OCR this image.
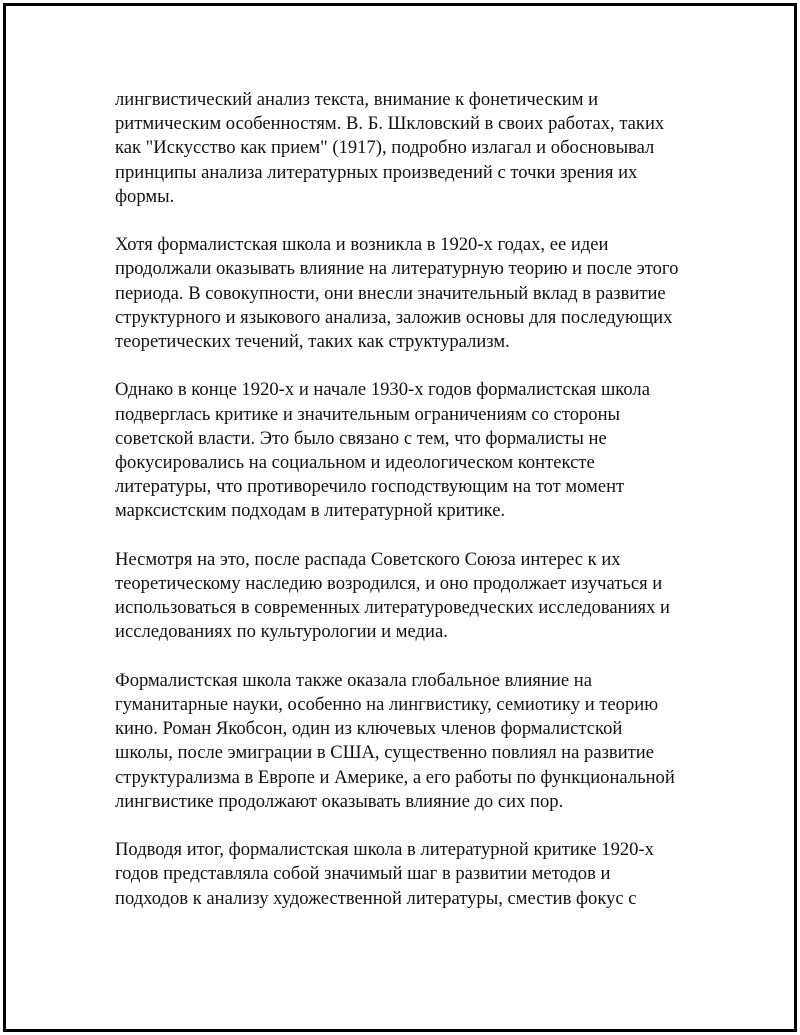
лингвистический анализ текста, внимание к фонетическим и
ритмическим особенностям. В. Б. Шкловский в своих работах, таких
как "Искусство как прием" (1917), подробно излагал и обосновывал
принципы анализа литературных произведений с точки зрения их
формы.

Хотя формалистская школа и возникла в 1920-х годах, ее идеи
продолжали оказывать влияние на литературную теорию и после этого
периода. В совокупности, они внесли значительный вклад в развитие
структурного и языкового анализа, заложив основы для последующих
теоретических течений, таких как структурализм.

Однако в конце 1920-х и начале 1930-х годов формалистская школа
подверглась критике и значительным ограничениям со стороны
советской власти. Это было связано с тем, что формалисты не
фокусировались на социальном и идеологическом контексте
литературы, что противоречило господствующим на тот момент
марксистским подходам в литературной критике.

Несмотря на это, после распада Советского Союза интерес к их
теоретическому наследию возродился, и оно продолжает изучаться и
использоваться в современных литературоведческих исследованиях и
исследованиях по культурологии и медиа.

Формалистская школа также оказала глобальное влияние на
гуманитарные науки, особенно на лингвистику, семиотику и теорию
кино. Роман Якобсон, один из ключевых членов формалистской
школы, после эмиграции в США, существенно повлиял на развитие
структурализма в Европе и Америке, а его работы по функциональной
лингвистике продолжают оказывать влияние до сих пор.

Подводя итог, формалистская школа в литературной критике 1920-х
годов представляла собой значимый шаг в развитии методов и
подходов к анализу художественной литературы, сместив фокус с
